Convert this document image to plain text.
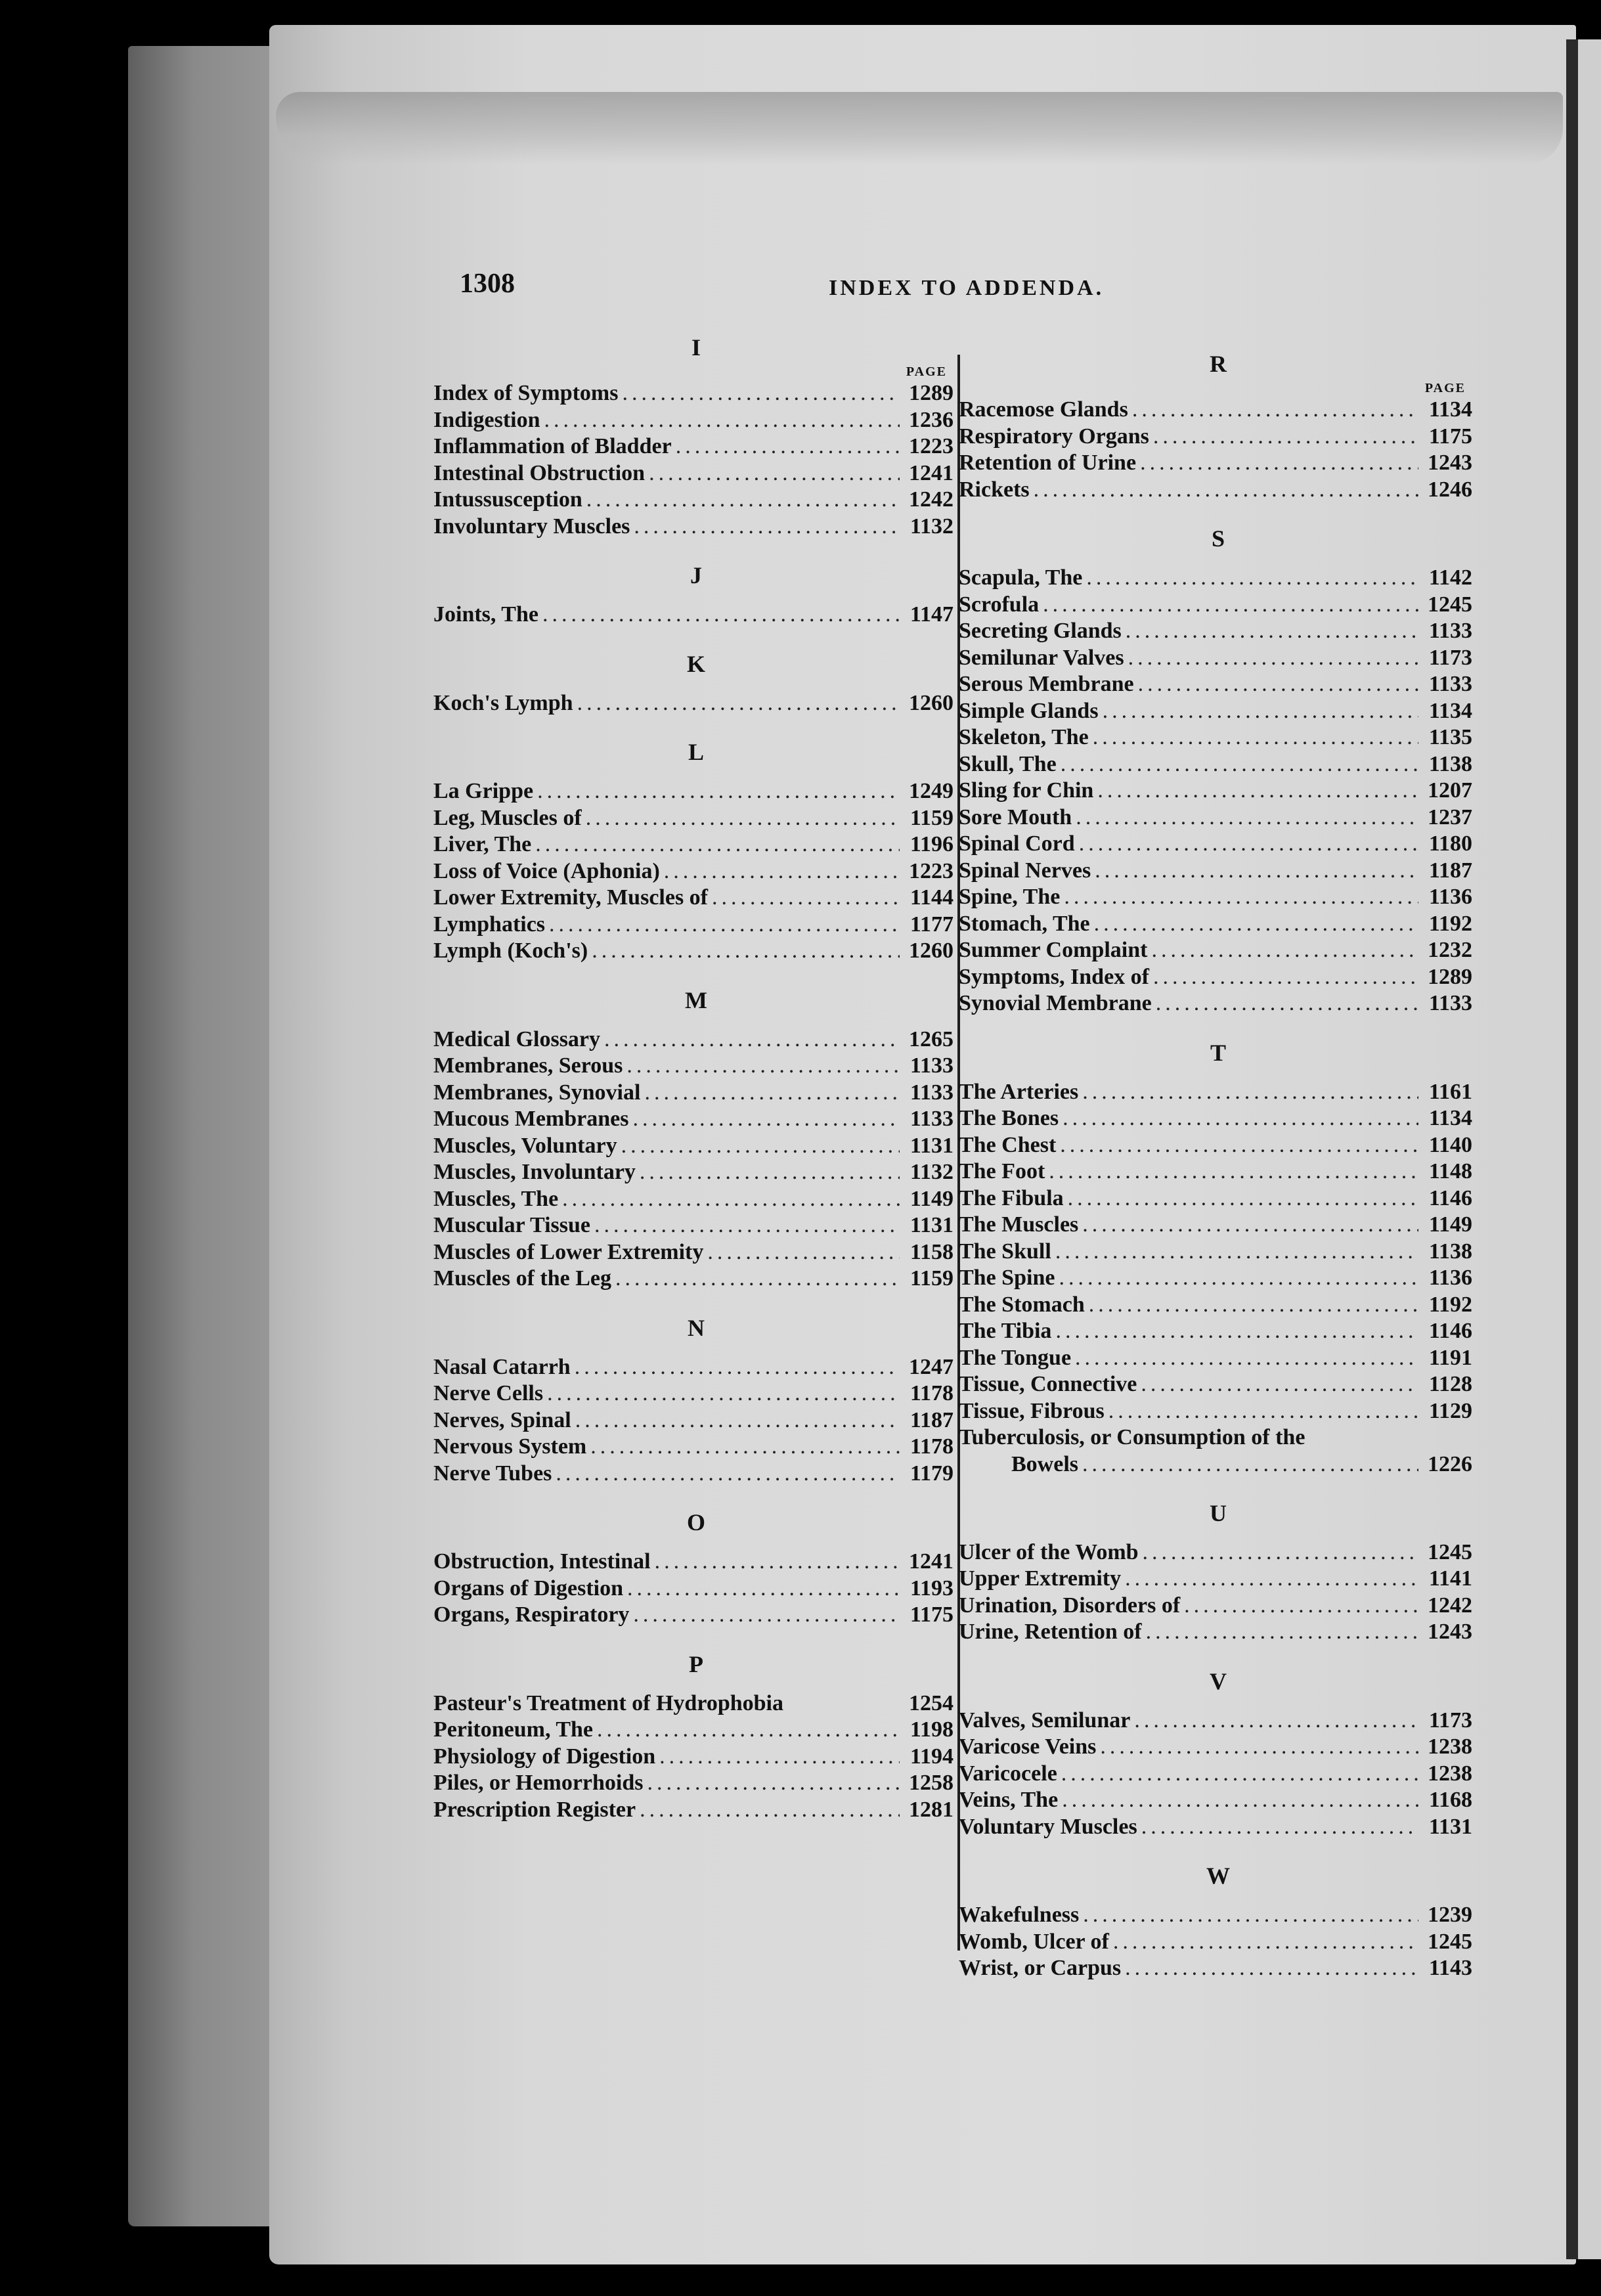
1308	INDEX TO ADDENDA.
I
PAGE
Index of Symptoms .....	1289
Indigestion .....	1236
Inflammation of Bladder .....	1223
Intestinal Obstruction .....	1241
Intussusception .....	1242
Involuntary Muscles .....	1132
J
Joints, The .....	1147
K
Koch's Lymph .....	1260
L
La Grippe .....	1249
Leg, Muscles of .....	1159
Liver, The .....	1196
Loss of Voice (Aphonia) .....	1223
Lower Extremity, Muscles of .....	1144
Lymphatics .....	1177
Lymph (Koch's) .....	1260
M
Medical Glossary .....	1265
Membranes, Serous .....	1133
Membranes, Synovial .....	1133
Mucous Membranes .....	1133
Muscles, Voluntary .....	1131
Muscles, Involuntary .....	1132
Muscles, The .....	1149
Muscular Tissue .....	1131
Muscles of Lower Extremity .....	1158
Muscles of the Leg .....	1159
N
Nasal Catarrh .....	1247
Nerve Cells .....	1178
Nerves, Spinal .....	1187
Nervous System .....	1178
Nerve Tubes .....	1179
O
Obstruction, Intestinal .....	1241
Organs of Digestion .....	1193
Organs, Respiratory .....	1175
P
Pasteur's Treatment of Hydrophobia	1254
Peritoneum, The .....	1198
Physiology of Digestion .....	1194
Piles, or Hemorrhoids .....	1258
Prescription Register .....	1281
R
PAGE
Racemose Glands .....	1134
Respiratory Organs .....	1175
Retention of Urine .....	1243
Rickets .....	1246
S
Scapula, The .....	1142
Scrofula .....	1245
Secreting Glands .....	1133
Semilunar Valves .....	1173
Serous Membrane .....	1133
Simple Glands .....	1134
Skeleton, The .....	1135
Skull, The .....	1138
Sling for Chin .....	1207
Sore Mouth .....	1237
Spinal Cord .....	1180
Spinal Nerves .....	1187
Spine, The .....	1136
Stomach, The .....	1192
Summer Complaint .....	1232
Symptoms, Index of .....	1289
Synovial Membrane .....	1133
T
The Arteries .....	1161
The Bones .....	1134
The Chest .....	1140
The Foot .....	1148
The Fibula .....	1146
The Muscles .....	1149
The Skull .....	1138
The Spine .....	1136
The Stomach .....	1192
The Tibia .....	1146
The Tongue .....	1191
Tissue, Connective .....	1128
Tissue, Fibrous .....	1129
Tuberculosis, or Consumption of the
Bowels .....	1226
U
Ulcer of the Womb .....	1245
Upper Extremity .....	1141
Urination, Disorders of .....	1242
Urine, Retention of .....	1243
V
Valves, Semilunar .....	1173
Varicose Veins .....	1238
Varicocele .....	1238
Veins, The .....	1168
Voluntary Muscles .....	1131
W
Wakefulness .....	1239
Womb, Ulcer of .....	1245
Wrist, or Carpus .....	1143
